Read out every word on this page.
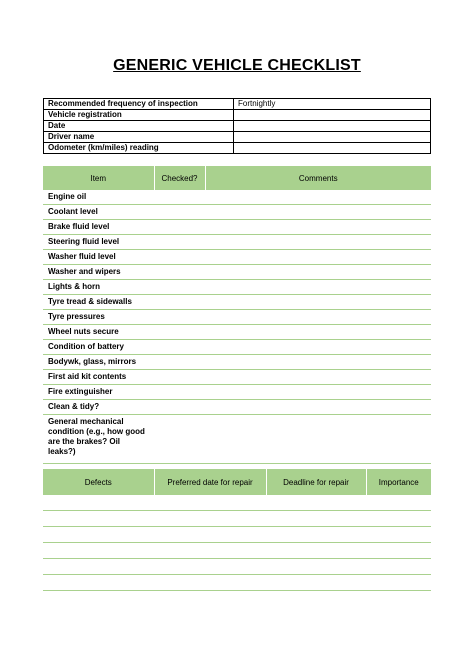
GENERIC VEHICLE CHECKLIST
Recommended frequency of inspection	Fortnightly
Vehicle registration	
Date	
Driver name	
Odometer (km/miles) reading	
Item	Checked?	Comments
Engine oil		
Coolant level		
Brake fluid level		
Steering fluid level		
Washer fluid level		
Washer and wipers		
Lights & horn		
Tyre tread & sidewalls		
Tyre pressures		
Wheel nuts secure		
Condition of battery		
Bodywk, glass, mirrors		
First aid kit contents		
Fire extinguisher		
Clean & tidy?		

General mechanical
condition (e.g., how good
are the brakes? Oil
leaks?)		

Defects	Preferred date for repair	Deadline for repair	Importance
